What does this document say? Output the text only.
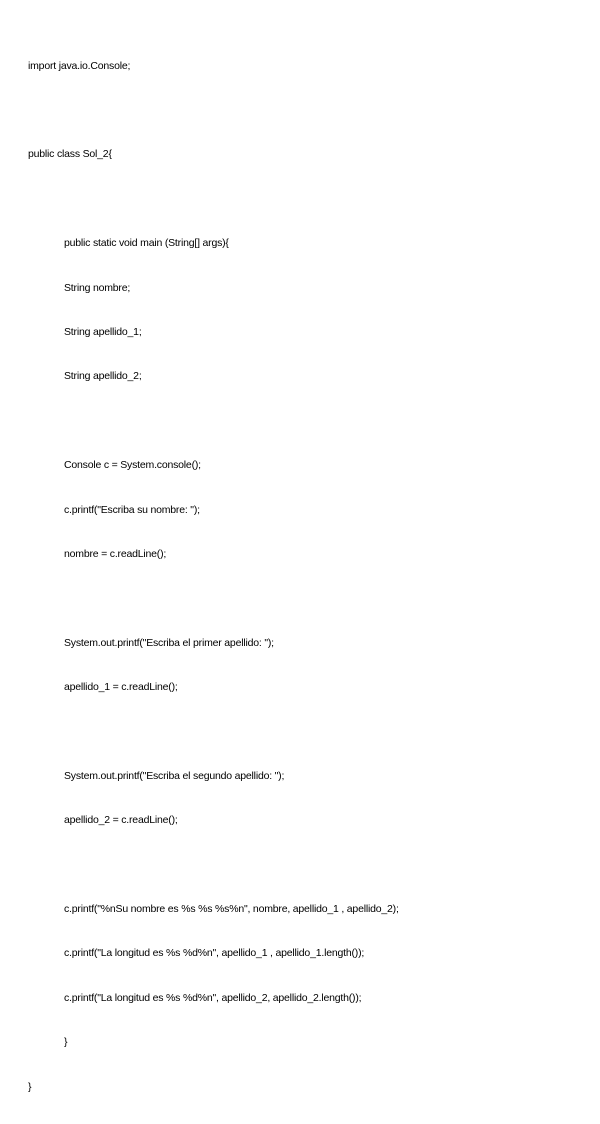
import java.io.Console;

public class Sol_2{

public static void main (String[] args){

String nombre;

String apellido_1;

String apellido_2;

Console c = System.console();

c.printf("Escriba su nombre: ");

nombre = c.readLine();

System.out.printf("Escriba el primer apellido: ");

apellido_1 = c.readLine();

System.out.printf("Escriba el segundo apellido: ");

apellido_2 = c.readLine();

c.printf("%nSu nombre es %s %s %s%n", nombre, apellido_1 , apellido_2);

c.printf("La longitud es %s %d%n", apellido_1 , apellido_1.length());

c.printf("La longitud es %s %d%n", apellido_2, apellido_2.length());

}

}
